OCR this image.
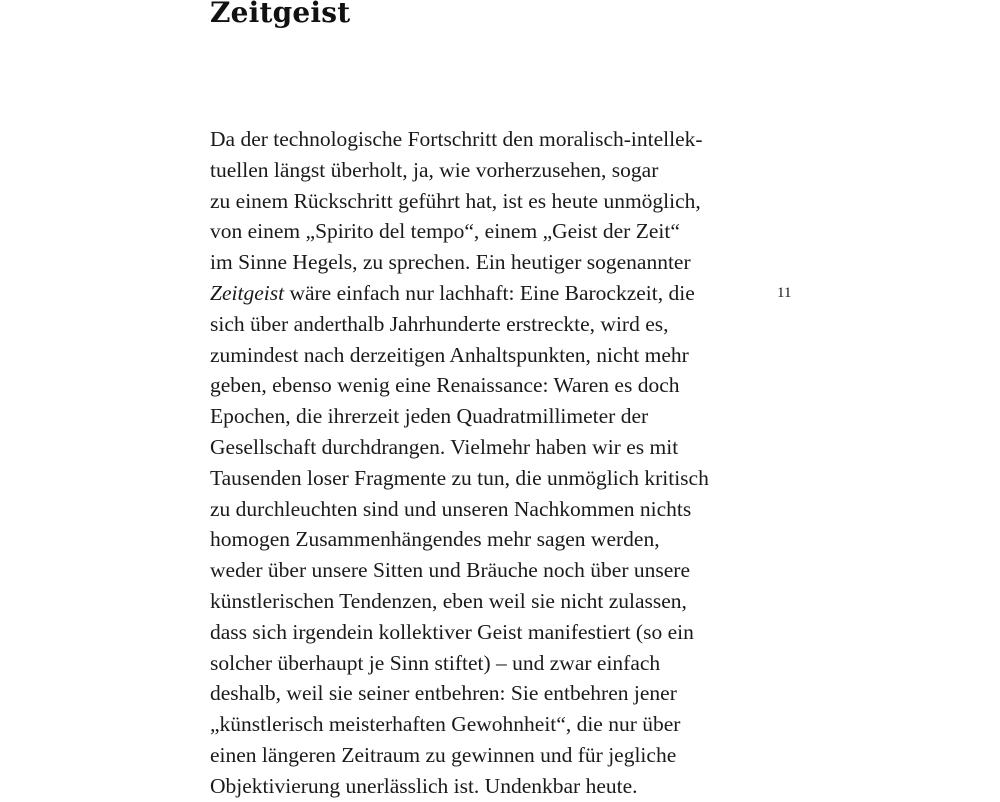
Zeitgeist
Da der technologische Fortschritt den moralisch-intellek-
tuellen längst überholt, ja, wie vorherzusehen, sogar
zu einem Rückschritt geführt hat, ist es heute unmöglich,
von einem „Spirito del tempo“, einem „Geist der Zeit“
im Sinne Hegels, zu sprechen. Ein heutiger sogenannter
Zeitgeist wäre einfach nur lachhaft: Eine Barockzeit, die
sich über anderthalb Jahrhunderte erstreckte, wird es,
zumindest nach derzeitigen Anhaltspunkten, nicht mehr
geben, ebenso wenig eine Renaissance: Waren es doch
Epochen, die ihrerzeit jeden Quadratmillimeter der
Gesellschaft durchdrangen. Vielmehr haben wir es mit
Tausenden loser Fragmente zu tun, die unmöglich kritisch
zu durchleuchten sind und unseren Nachkommen nichts
homogen Zusammenhängendes mehr sagen werden,
weder über unsere Sitten und Bräuche noch über unsere
künstlerischen Tendenzen, eben weil sie nicht zulassen,
dass sich irgendein kollektiver Geist manifestiert (so ein
solcher überhaupt je Sinn stiftet) – und zwar einfach
deshalb, weil sie seiner entbehren: Sie entbehren jener
„künstlerisch meisterhaften Gewohnheit“, die nur über
einen längeren Zeitraum zu gewinnen und für jegliche
Objektivierung unerlässlich ist. Undenkbar heute.
11
